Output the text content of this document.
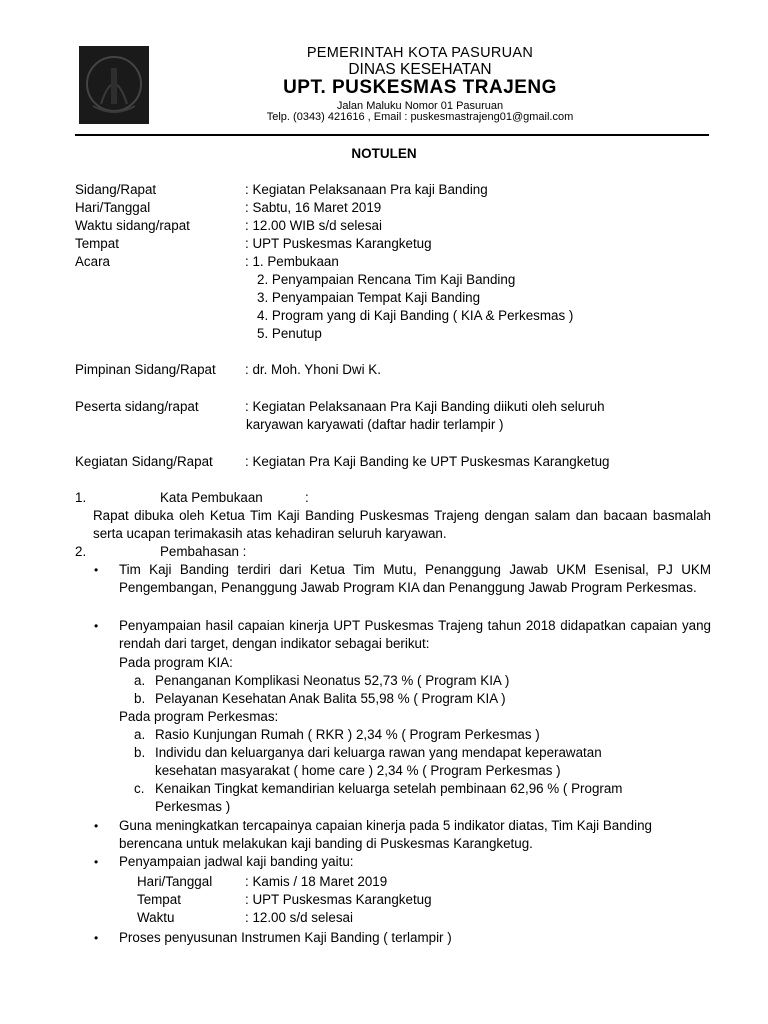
PEMERINTAH KOTA PASURUAN
DINAS KESEHATAN
UPT. PUSKESMAS TRAJENG
Jalan Maluku Nomor 01 Pasuruan
Telp. (0343) 421616 , Email : puskesmastrajeng01@gmail.com
NOTULEN
Sidang/Rapat	: Kegiatan Pelaksanaan Pra kaji Banding
Hari/Tanggal	: Sabtu, 16 Maret 2019
Waktu sidang/rapat	: 12.00 WIB s/d selesai
Tempat	: UPT Puskesmas Karangketug
Acara	: 1. Pembukaan
2. Penyampaian Rencana Tim Kaji Banding
3. Penyampaian Tempat Kaji Banding
4. Program yang di Kaji Banding ( KIA & Perkesmas )
5. Penutup
Pimpinan Sidang/Rapat : dr. Moh. Yhoni Dwi K.
Peserta sidang/rapat	: Kegiatan Pelaksanaan Pra Kaji Banding diikuti oleh seluruh
karyawan karyawati (daftar hadir terlampir )
Kegiatan Sidang/Rapat : Kegiatan Pra Kaji Banding ke UPT Puskesmas Karangketug
1.	Kata Pembukaan	:
Rapat dibuka oleh Ketua Tim Kaji Banding Puskesmas Trajeng dengan salam dan bacaan basmalah serta ucapan terimakasih atas kehadiran seluruh karyawan.
2.	Pembahasan :
• Tim Kaji Banding terdiri dari Ketua Tim Mutu, Penanggung Jawab UKM Esenisal, PJ UKM Pengembangan, Penanggung Jawab Program KIA dan Penanggung Jawab Program Perkesmas.
• Penyampaian hasil capaian kinerja UPT Puskesmas Trajeng tahun 2018 didapatkan capaian yang rendah dari target, dengan indikator sebagai berikut:
Pada program KIA:
a. Penanganan Komplikasi Neonatus 52,73 % ( Program KIA )
b. Pelayanan Kesehatan Anak Balita 55,98 % ( Program KIA )
Pada program Perkesmas:
a. Rasio Kunjungan Rumah ( RKR ) 2,34 % ( Program Perkesmas )
b. Individu dan keluarganya dari keluarga rawan yang mendapat keperawatan
kesehatan masyarakat ( home care ) 2,34 % ( Program Perkesmas )
c. Kenaikan Tingkat kemandirian keluarga setelah pembinaan 62,96 % ( Program
Perkesmas )
• Guna meningkatkan tercapainya capaian kinerja pada 5 indikator diatas, Tim Kaji Banding berencana untuk melakukan kaji banding di Puskesmas Karangketug.
• Penyampaian jadwal kaji banding yaitu:
Hari/Tanggal : Kamis / 18 Maret 2019
Tempat	: UPT Puskesmas Karangketug
Waktu	: 12.00 s/d selesai
• Proses penyusunan Instrumen Kaji Banding ( terlampir )
